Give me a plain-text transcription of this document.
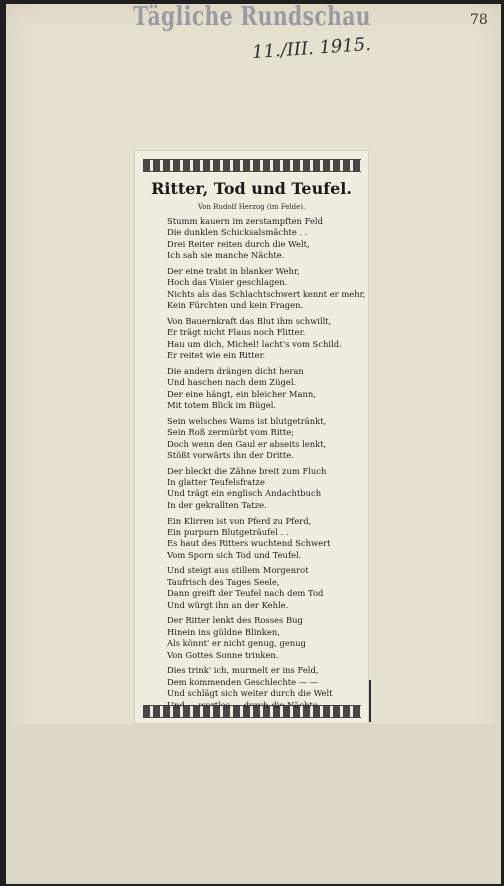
Tägliche Rundschau
11./III. 1915.
78
Ritter, Tod und Teufel.
Von Rudolf Herzog (im Felde).
Stumm kauern im zerstampften Feld
Die dunklen Schicksalsmächte . .
Drei Reiter reiten durch die Welt,
Ich sah sie manche Nächte.
Der eine trabt in blanker Wehr,
Hoch das Visier geschlagen.
Nichts als das Schlachtschwert kennt er mehr,
Kein Fürchten und kein Fragen.
Von Bauernkraft das Blut ihm schwillt,
Er trägt nicht Flaus noch Flitter.
Hau um dich, Michel! lacht's vom Schild.
Er reitet wie ein Ritter.
Die andern drängen dicht heran
Und haschen nach dem Zügel.
Der eine hängt, ein bleicher Mann,
Mit totem Blick im Bügel.
Sein welsches Wams ist blutgetränkt,
Sein Roß zermürbt vom Ritte;
Doch wenn den Gaul er abseits lenkt,
Stößt vorwärts ihn der Dritte.
Der bleckt die Zähne breit zum Fluch
In glatter Teufelsfratze
Und trägt ein englisch Andachtbuch
In der gekrallten Tatze.
Ein Klirren ist von Pferd zu Pferd,
Ein purpurn Blutgeträufel . .
Es haut des Ritters wuchtend Schwert
Vom Sporn sich Tod und Teufel.
Und steigt aus stillem Morgenrot
Taufrisch des Tages Seele,
Dann greift der Teufel nach dem Tod
Und würgt ihn an der Kehle.
Der Ritter lenkt des Rosses Bug
Hinein ins güldne Blinken,
Als könnt' er nicht genug, genug
Von Gottes Sonne trinken.
Dies trink' ich, murmelt er ins Feld,
Dem kommenden Geschlechte — —
Und schlägt sich weiter durch die Welt
